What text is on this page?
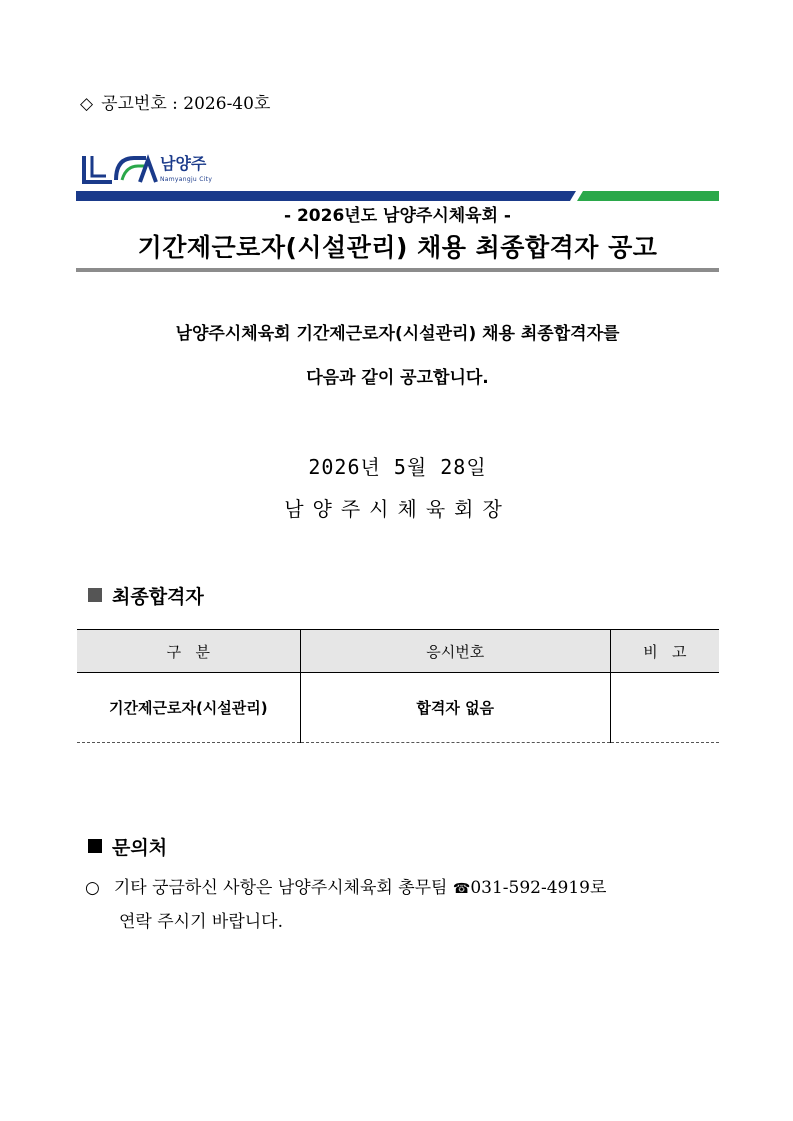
◇ 공고번호 : 2026-40호
남양주
Namyangju City
- 2026년도 남양주시체육회 -
기간제근로자(시설관리) 채용 최종합격자 공고
남양주시체육회 기간제근로자(시설관리) 채용 최종합격자를
다음과 같이 공고합니다.
2026년 5월 28일
남양주시체육회장
최종합격자
구   분	응시번호	비   고
기간제근로자(시설관리)	합격자 없음	
문의처
○ 기타 궁금하신 사항은 남양주시체육회 총무팀 ☎031-592-4919로
연락 주시기 바랍니다.
